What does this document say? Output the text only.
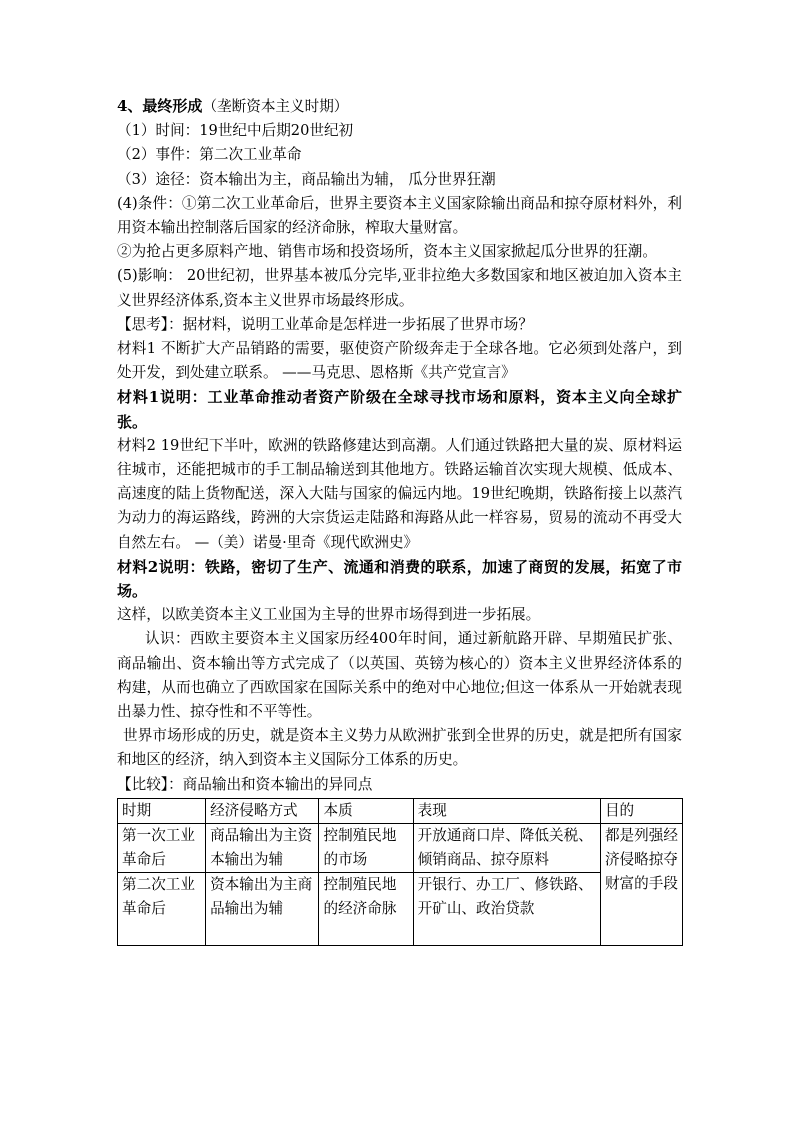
4、最终形成（垄断资本主义时期）
（1）时间：19世纪中后期20世纪初
（2）事件：第二次工业革命
（3）途径：资本输出为主，商品输出为辅， 瓜分世界狂潮
(4)条件：①第二次工业革命后，世界主要资本主义国家除输出商品和掠夺原材料外，利用资本输出控制落后国家的经济命脉，榨取大量财富。
②为抢占更多原料产地、销售市场和投资场所，资本主义国家掀起瓜分世界的狂潮。
(5)影响： 20世纪初，世界基本被瓜分完毕,亚非拉绝大多数国家和地区被迫加入资本主义世界经济体系,资本主义世界市场最终形成。
【思考】：据材料，说明工业革命是怎样进一步拓展了世界市场？
材料1 不断扩大产品销路的需要，驱使资产阶级奔走于全球各地。它必须到处落户，到处开发，到处建立联系。 ——马克思、恩格斯《共产党宣言》
材料1说明：工业革命推动者资产阶级在全球寻找市场和原料，资本主义向全球扩张。
材料2 19世纪下半叶，欧洲的铁路修建达到高潮。人们通过铁路把大量的炭、原材料运往城市，还能把城市的手工制品输送到其他地方。铁路运输首次实现大规模、低成本、高速度的陆上货物配送，深入大陆与国家的偏远内地。19世纪晚期，铁路衔接上以蒸汽为动力的海运路线，跨洲的大宗货运走陆路和海路从此一样容易，贸易的流动不再受大自然左右。 —（美）诺曼·里奇《现代欧洲史》
材料2说明：铁路，密切了生产、流通和消费的联系，加速了商贸的发展，拓宽了市场。
这样，以欧美资本主义工业国为主导的世界市场得到进一步拓展。
认识：西欧主要资本主义国家历经400年时间，通过新航路开辟、早期殖民扩张、商品输出、资本输出等方式完成了（以英国、英镑为核心的）资本主义世界经济体系的构建，从而也确立了西欧国家在国际关系中的绝对中心地位;但这一体系从一开始就表现出暴力性、掠夺性和不平等性。
世界市场形成的历史，就是资本主义势力从欧洲扩张到全世界的历史，就是把所有国家和地区的经济，纳入到资本主义国际分工体系的历史。
【比较】：商品输出和资本输出的异同点
时期	经济侵略方式	本质	表现	目的
第一次工业革命后	商品输出为主资本输出为辅	控制殖民地的市场	开放通商口岸、降低关税、倾销商品、掠夺原料	都是列强经济侵略掠夺财富的手段
第二次工业革命后	资本输出为主商品输出为辅	控制殖民地的经济命脉	开银行、办工厂、修铁路、开矿山、政治贷款	
